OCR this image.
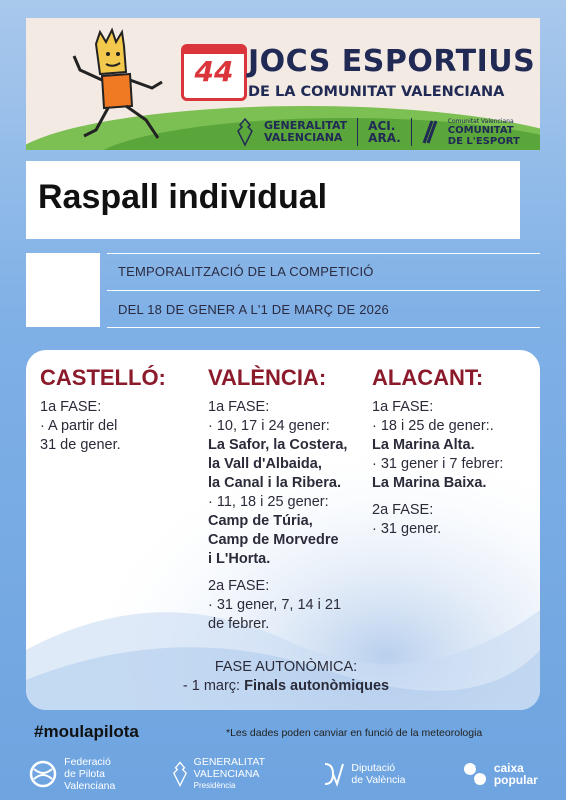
44 JOCS ESPORTIUS
DE LA COMUNITAT VALENCIANA
GENERALITAT
VALENCIANA
ACI.
ARA.
Comunitat Valenciana
COMUNITAT
DE L'ESPORT
Raspall individual
TEMPORALITZACIÓ DE LA COMPETICIÓ
DEL 18 DE GENER A L'1 DE MARÇ DE 2026
CASTELLÓ:
1a FASE:
· A partir del
31 de gener.
VALÈNCIA:
1a FASE:
· 10, 17 i 24 gener:
La Safor, la Costera,
la Vall d'Albaida,
la Canal i la Ribera.
· 11, 18 i 25 gener:
Camp de Túria,
Camp de Morvedre
i L'Horta.
2a FASE:
· 31 gener, 7, 14 i 21
de febrer.
ALACANT:
1a FASE:
· 18 i 25 de gener:.
La Marina Alta.
· 31 gener i 7 febrer:
La Marina Baixa.
2a FASE:
· 31 gener.
FASE AUTONÒMICA:
- 1 març: Finals autonòmiques
#moulapilota	*Les dades poden canviar en funció de la meteorologia
Federació
de Pilota
Valenciana
GENERALITAT
VALENCIANA
Presidència
Diputació
de València
caixa
popular
